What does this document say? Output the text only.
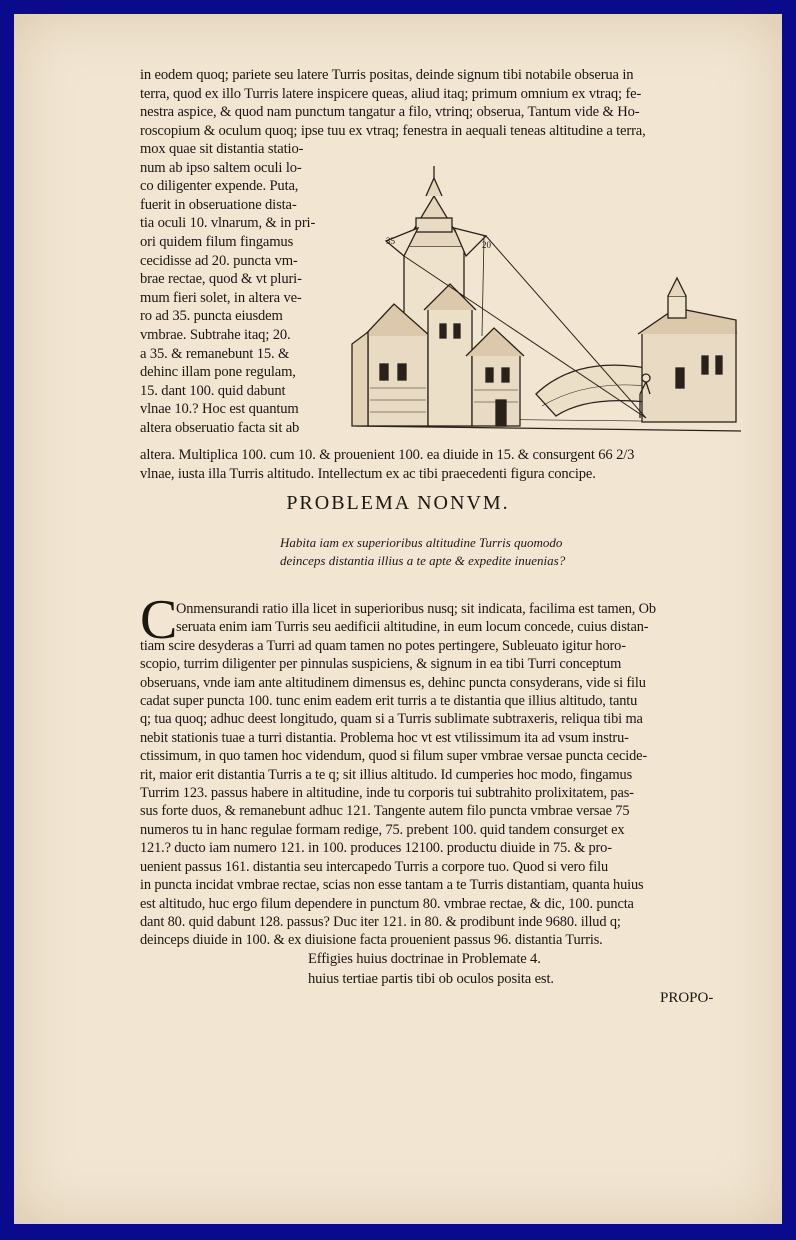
in eodem quoq; pariete seu latere Turris positas, deinde signum tibi notabile obserua in

terra, quod ex illo Turris latere inspicere queas, aliud itaq; primum omnium ex vtraq; fe-

nestra aspice, & quod nam punctum tangatur a filo, vtrinq; obserua, Tantum vide & Ho-

roscopium & oculum quoq; ipse tuu ex vtraq; fenestra in aequali teneas altitudine a terra,

mox quae sit distantia statio-

num ab ipso saltem oculi lo-

co diligenter expende. Puta,

fuerit in obseruatione dista-

tia oculi 10. vlnarum, & in pri-

ori quidem filum fingamus

cecidisse ad 20. puncta vm-

brae rectae, quod & vt pluri-

mum fieri solet, in altera ve-

ro ad 35. puncta eiusdem

vmbrae. Subtrahe itaq; 20.

a 35. & remanebunt 15. &

dehinc illam pone regulam,

15. dant 100. quid dabunt

vlnae 10.? Hoc est quantum

altera obseruatio facta sit ab

35	20

altera. Multiplica 100. cum 10. & prouenient 100. ea diuide in 15. & consurgent 66 2/3

vlnae, iusta illa Turris altitudo. Intellectum ex ac tibi praecedenti figura concipe.

PROBLEMA NONVM.

Habita iam ex superioribus altitudine Turris quomodo

deinceps distantia illius a te apte & expedite inuenias?

C

Onmensurandi ratio illa licet in superioribus nusq; sit indicata, facilima est tamen, Ob

seruata enim iam Turris seu aedificii altitudine, in eum locum concede, cuius distan-

tiam scire desyderas a Turri ad quam tamen no potes pertingere, Subleuato igitur horo-

scopio, turrim diligenter per pinnulas suspiciens, & signum in ea tibi Turri conceptum

obseruans, vnde iam ante altitudinem dimensus es, dehinc puncta consyderans, vide si filu

cadat super puncta 100. tunc enim eadem erit turris a te distantia que illius altitudo, tantu

q; tua quoq; adhuc deest longitudo, quam si a Turris sublimate subtraxeris, reliqua tibi ma

nebit stationis tuae a turri distantia. Problema hoc vt est vtilissimum ita ad vsum instru-

ctissimum, in quo tamen hoc videndum, quod si filum super vmbrae versae puncta cecide-

rit, maior erit distantia Turris a te q; sit illius altitudo. Id cumperies hoc modo, fingamus

Turrim 123. passus habere in altitudine, inde tu corporis tui subtrahito prolixitatem, pas-

sus forte duos, & remanebunt adhuc 121. Tangente autem filo puncta vmbrae versae 75

numeros tu in hanc regulae formam redige, 75. prebent 100. quid tandem consurget ex

121.? ducto iam numero 121. in 100. produces 12100. productu diuide in 75. & pro-

uenient passus 161. distantia seu intercapedo Turris a corpore tuo. Quod si vero filu

in puncta incidat vmbrae rectae, scias non esse tantam a te Turris distantiam, quanta huius

est altitudo, huc ergo filum dependere in punctum 80. vmbrae rectae, & dic, 100. puncta

dant 80. quid dabunt 128. passus? Duc iter 121. in 80. & prodibunt inde 9680. illud q;

deinceps diuide in 100. & ex diuisione facta prouenient passus 96. distantia Turris.

Effigies huius doctrinae in Problemate 4.
huius tertiae partis tibi ob oculos posita est.
PROPO-
